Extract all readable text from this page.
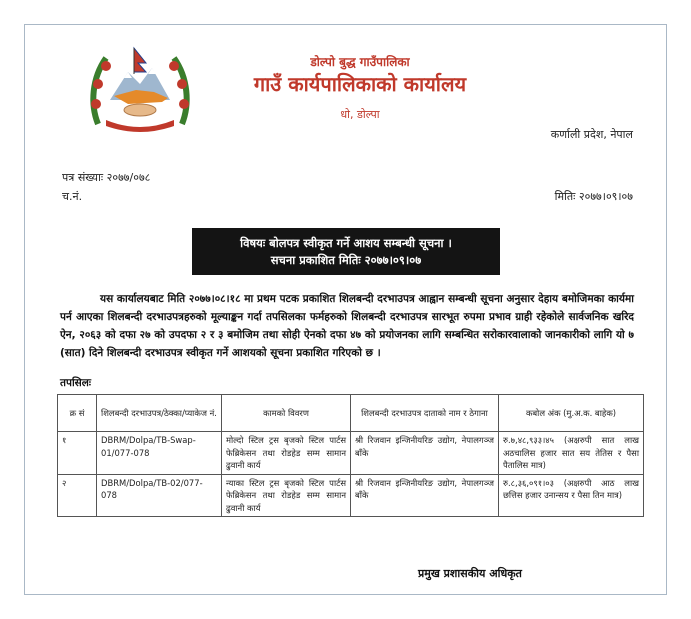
डोल्पो बुद्ध गाउँपालिका
गाउँ कार्यपालिकाको कार्यालय
धो, डोल्पा
कर्णाली प्रदेश, नेपाल
पत्र संख्याः २०७७/०७८
च.नं.	मितिः २०७७।०९।०७
विषयः बोलपत्र स्वीकृत गर्ने आशय सम्बन्धी सूचना ।
सचना प्रकाशित मितिः २०७७।०९।०७
यस कार्यालयबाट मिति २०७७।०८।१८ मा प्रथम पटक प्रकाशित शिलबन्दी दरभाउपत्र आह्वान सम्बन्धी सूचना अनुसार देहाय बमोजिमका कार्यमा पर्न आएका शिलबन्दी दरभाउपत्रहरुको मूल्याङ्कन गर्दा तपसिलका फर्महरुको शिलबन्दी दरभाउपत्र सारभूत रुपमा प्रभाव ग्राही रहेकोले सार्वजनिक खरिद ऐन, २०६३ को दफा २७ को उपदफा २ र ३ बमोजिम तथा सोही ऐनको दफा ४७ को प्रयोजनका लागि सम्बन्धित सरोकारवालाको जानकारीको लागि यो ७ (सात) दिने शिलबन्दी दरभाउपत्र स्वीकृत गर्ने आशयको सूचना प्रकाशित गरिएको छ ।
तपसिलः
क्र सं	शिलबन्दी दरभाउपत्र/ठेक्का/प्याकेज नं.	कामको विवरण	शिलबन्दी दरभाउपत्र दाताको नाम र ठेगाना	कबोल अंक (मु.अ.क. बाहेक)
१	DBRM/Dolpa/TB-Swap-01/077-078	मोल्दो स्टिल ट्रस बृजको स्टिल पार्टस फेब्रिकेसन तथा रोडहेड सम्म सामान ढुवानी कार्य	श्री रिजवान इन्जिनीयरिङ उद्योग, नेपालगञ्ज बाँके	रु.७,४८,९३३।४५ (अक्षरुपी सात लाख अठचालिस हजार सात सय तेतिस र पैसा पैतालिस मात्र)
२	DBRM/Dolpa/TB-02/077-078	न्याका स्टिल ट्रस बृजको स्टिल पार्टस फेब्रिकेसन तथा रोडहेड सम्म सामान ढुवानी कार्य	श्री रिजवान इन्जिनीयरिङ उद्योग, नेपालगञ्ज बाँके	रु.८,३६,०९१।०३ (अक्षरुपी आठ लाख छत्तिस हजार उनान्सय र पैसा तिन मात्र)
प्रमुख प्रशासकीय अधिकृत
